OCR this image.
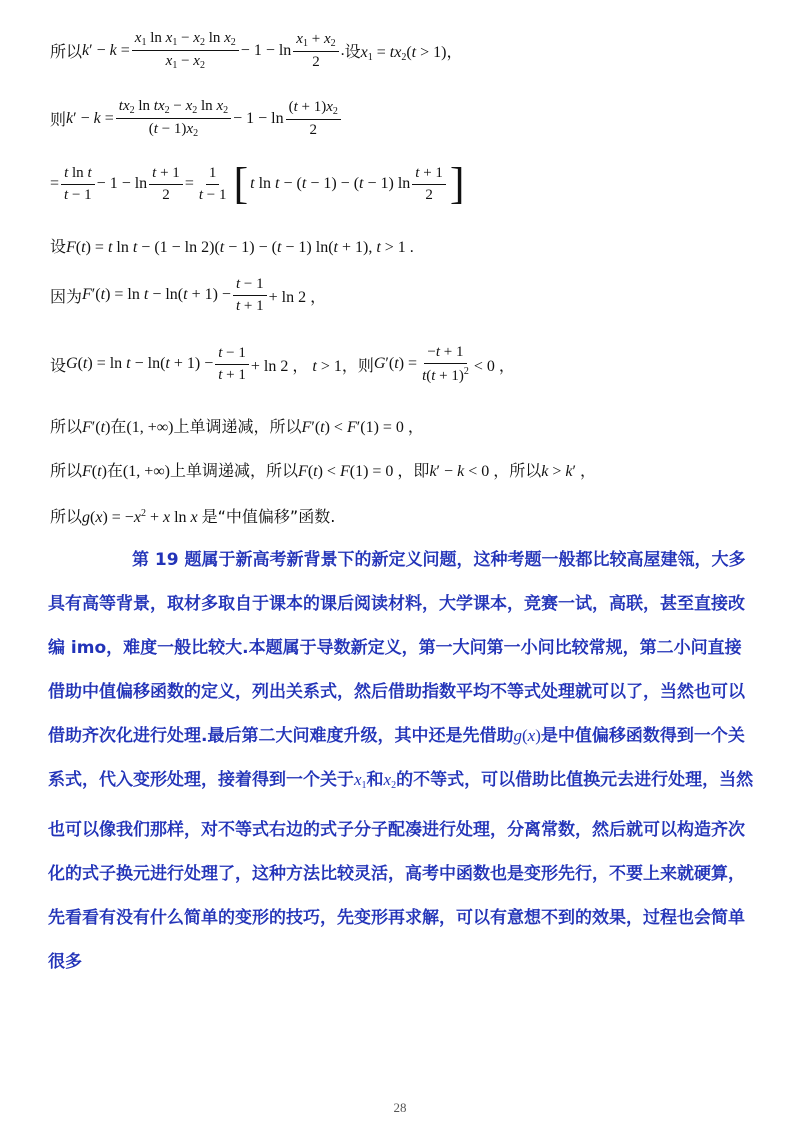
所以 $k' - k = \frac{x_1 \ln x_1 - x_2 \ln x_2}{x_1 - x_2} - 1 - \ln \frac{x_1 + x_2}{2}$ . 设 $x_1 = tx_2(t > 1)$，
则 $k' - k = \frac{tx_2 \ln tx_2 - x_2 \ln x_2}{(t - 1)x_2} - 1 - \ln \frac{(t + 1)x_2}{2}$
= $\frac{\text{t ln t}}{t - 1} - 1 - \ln \frac{t + 1}{2} = \frac{1}{t - 1}$ [ t ln t − (t − 1) − (t − 1) $\ln \frac{t + 1}{2}$ ]
设F(t) = t ln t − (1 − ln 2)(t − 1) − (t − 1) ln(t + 1), t > 1 .
因为 $F'(t) = \ln t - \ln(t + 1) - \frac{t - 1}{t + 1} + \ln 2$ ，
设 $G(t) = \ln t - \ln(t + 1) - \frac{t - 1}{t + 1} + \ln 2$ ， t > 1 ，则 $G'(t) = \frac{-t + 1}{t(t + 1)^2} < 0$ ，
所以F′(t)在(1, +∞)上单调递减，所以F′(t) < F′(1) = 0 ，
所以F(t)在(1, +∞)上单调递减，所以F(t) < F(1) = 0 ，即k′ − k < 0 ，所以k > k′ ，
所以$g(x) = -x^2 + x$ ln x 是“中值偏移”函数.

第 19 题属于新高考新背景下的新定义问题，这种考题一般都比较高屋建瓴，大多具有高等背景，取材多取自于课本的课后阅读材料，大学课本，竞赛一试，高联，甚至直接改编 imo，难度一般比较大.本题属于导数新定义，第一大问第一小问比较常规，第二小问直接借助中值偏移函数的定义，列出关系式，然后借助指数平均不等式处理就可以了，当然也可以借助齐次化进行处理.最后第二大问难度升级，其中还是先借助g(x)是中值偏移函数得到一个关系式，代入变形处理，接着得到一个关于$x_1$和$x_2$的不等式，可以借助比值换元去进行处理，当然也可以像我们那样，对不等式右边的式子分子配凑进行处理，分离常数，然后就可以构造齐次化的式子换元进行处理了，这种方法比较灵活，高考中函数也是变形先行，不要上来就硬算，先看看有没有什么简单的变形的技巧，先变形再求解，可以有意想不到的效果，过程也会简单很多

28
